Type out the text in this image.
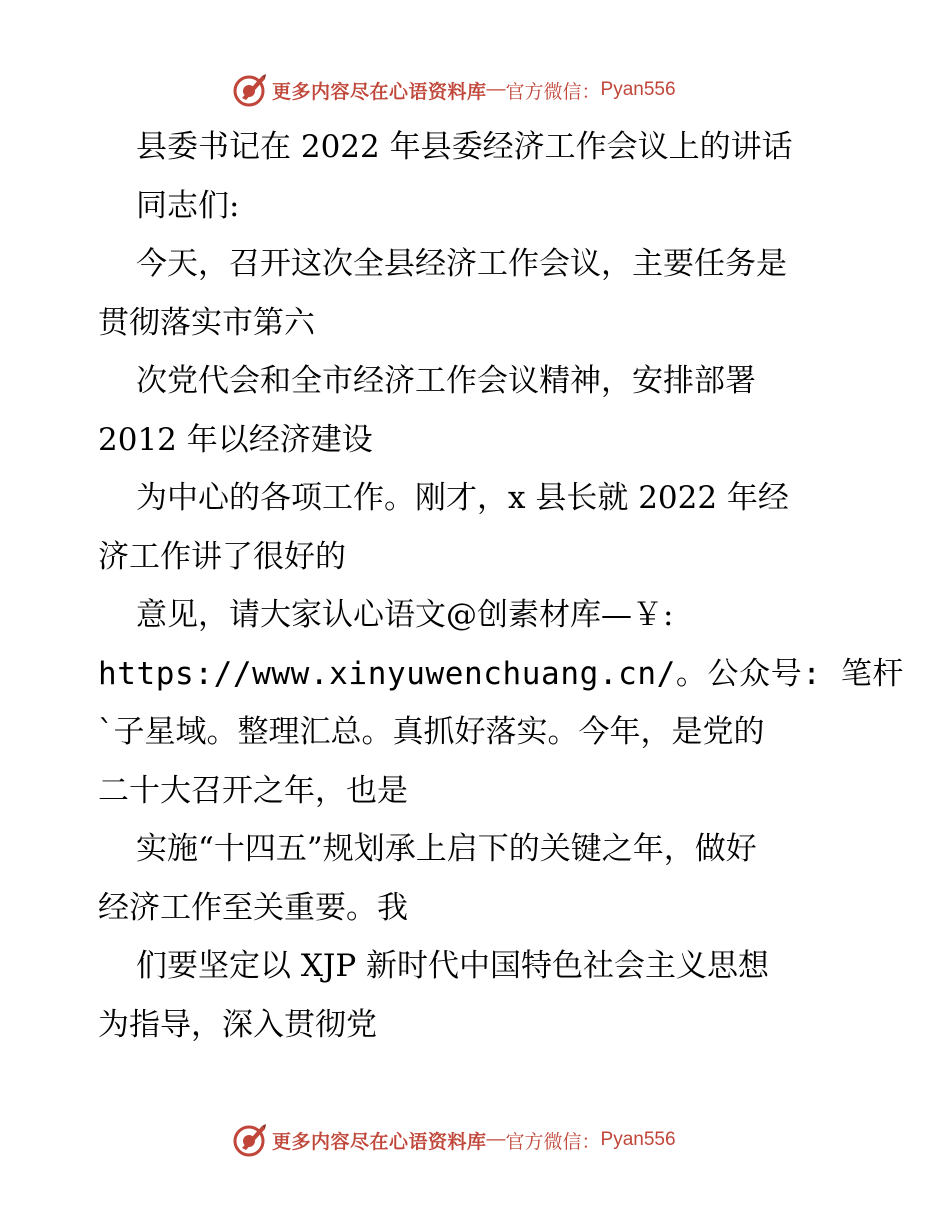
更多内容尽在心语资料库 — 官方微信： Pyan556
县委书记在 2022 年县委经济工作会议上的讲话
同志们:
今天，召开这次全县经济工作会议，主要任务是
贯彻落实市第六
次党代会和全市经济工作会议精神，安排部署
2012 年以经济建设
为中心的各项工作。刚才，x 县长就 2022 年经
济工作讲了很好的
意见，请大家认心语文@创素材库—￥:
https://www.xinyuwenchuang.cn/。公众号: 笔杆
`子星域。整理汇总。真抓好落实。今年，是党的
二十大召开之年，也是
实施“十四五”规划承上启下的关键之年，做好
经济工作至关重要。我
们要坚定以 XJP 新时代中国特色社会主义思想
为指导，深入贯彻党
更多内容尽在心语资料库 — 官方微信： Pyan556
